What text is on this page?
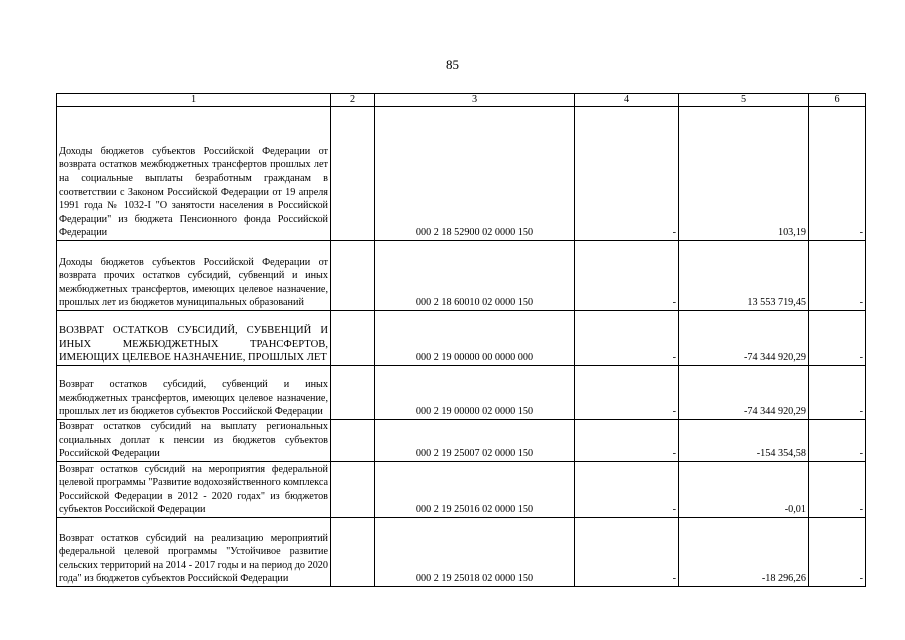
85
1	2	3	4	5	6
Доходы бюджетов субъектов Российской Федерации от возврата остатков межбюджетных трансфертов прошлых лет на социальные выплаты безработным гражданам в соответствии с Законом Российской Федерации от 19 апреля 1991 года № 1032-I "О занятости населения в Российской Федерации" из бюджета Пенсионного фонда Российской Федерации		000 2 18 52900 02 0000 150	-	103,19	-
Доходы бюджетов субъектов Российской Федерации от возврата прочих остатков субсидий, субвенций и иных межбюджетных трансфертов, имеющих целевое назначение, прошлых лет из бюджетов муниципальных образований		000 2 18 60010 02 0000 150	-	13 553 719,45	-
ВОЗВРАТ ОСТАТКОВ СУБСИДИЙ, СУБВЕНЦИЙ И ИНЫХ МЕЖБЮДЖЕТНЫХ ТРАНСФЕРТОВ, ИМЕЮЩИХ ЦЕЛЕВОЕ НАЗНАЧЕНИЕ, ПРОШЛЫХ ЛЕТ		000 2 19 00000 00 0000 000	-	-74 344 920,29	-
Возврат остатков субсидий, субвенций и иных межбюджетных трансфертов, имеющих целевое назначение, прошлых лет из бюджетов субъектов Российской Федерации		000 2 19 00000 02 0000 150	-	-74 344 920,29	-
Возврат остатков субсидий на выплату региональных социальных доплат к пенсии из бюджетов субъектов Российской Федерации		000 2 19 25007 02 0000 150	-	-154 354,58	-
Возврат остатков субсидий на мероприятия федеральной целевой программы "Развитие водохозяйственного комплекса Российской Федерации в 2012 - 2020 годах" из бюджетов субъектов Российской Федерации		000 2 19 25016 02 0000 150	-	-0,01	-
Возврат остатков субсидий на реализацию мероприятий федеральной целевой программы "Устойчивое развитие сельских территорий на 2014 - 2017 годы и на период до 2020 года" из бюджетов субъектов Российской Федерации		000 2 19 25018 02 0000 150	-	-18 296,26	-
